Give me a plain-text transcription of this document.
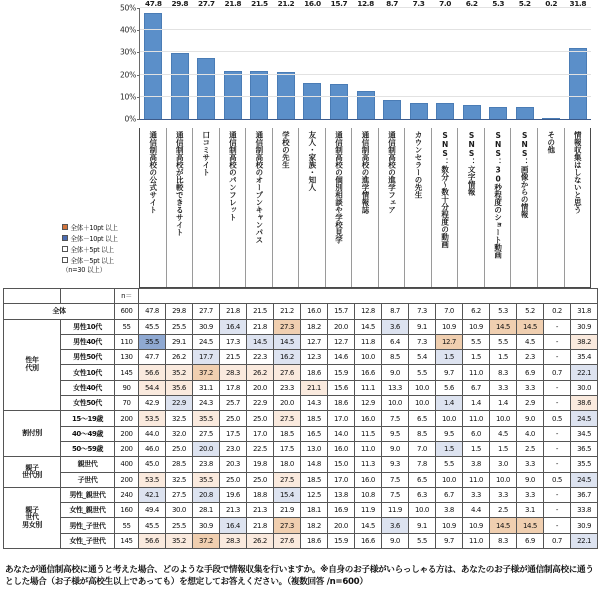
47.8 29.8 27.7 21.8 21.5 21.2 16.0 15.7 12.8 8.7 7.3 7.0 6.2 5.3 5.2 0.2 31.8
0%
10%
20%
30%
40%
50%
通信制高校の公式サイト 通信制高校が比較できるサイト 口コミサイト 通信制高校のパンフレット 通信制高校のオープンキャンパス 学校の先生 友人・家族・知人 通信制高校の個別相談や学校見学 通信制高校の進学情報誌 通信制高校の進学フェア カウンセラーの先生 SNS：数分～数十分程度の動画 SNS：文字情報 SNS：30秒程度のショート動画 SNS：画像からの情報 その他 情報収集はしないと思う
全体＋10pt 以上
全体－10pt 以上
全体＋5pt 以上
全体－5pt 以上
（n=30 以上）
		n＝																	
全体		600	47.8	29.8	27.7	21.8	21.5	21.2	16.0	15.7	12.8	8.7	7.3	7.0	6.2	5.3	5.2	0.2	31.8
性年
代別	男性10代	55	45.5	25.5	30.9	16.4	21.8	27.3	18.2	20.0	14.5	3.6	9.1	10.9	10.9	14.5	14.5	-	30.9
	男性40代	110	35.5	29.1	24.5	17.3	14.5	14.5	12.7	12.7	11.8	6.4	7.3	12.7	5.5	5.5	4.5	-	38.2
	男性50代	130	47.7	26.2	17.7	21.5	22.3	16.2	12.3	14.6	10.0	8.5	5.4	1.5	1.5	1.5	2.3	-	35.4
	女性10代	145	56.6	35.2	37.2	28.3	26.2	27.6	18.6	15.9	16.6	9.0	5.5	9.7	11.0	8.3	6.9	0.7	22.1
	女性40代	90	54.4	35.6	31.1	17.8	20.0	23.3	21.1	15.6	11.1	13.3	10.0	5.6	6.7	3.3	3.3	-	30.0
	女性50代	70	42.9	22.9	24.3	25.7	22.9	20.0	14.3	18.6	12.9	10.0	10.0	1.4	1.4	1.4	2.9	-	38.6
割付別	15～19歳	200	53.5	32.5	35.5	25.0	25.0	27.5	18.5	17.0	16.0	7.5	6.5	10.0	11.0	10.0	9.0	0.5	24.5
	40～49歳	200	44.0	32.0	27.5	17.5	17.0	18.5	16.5	14.0	11.5	9.5	8.5	9.5	6.0	4.5	4.0	-	34.5
	50～59歳	200	46.0	25.0	20.0	23.0	22.5	17.5	13.0	16.0	11.0	9.0	7.0	1.5	1.5	1.5	2.5	-	36.5
親子
世代別	親世代	400	45.0	28.5	23.8	20.3	19.8	18.0	14.8	15.0	11.3	9.3	7.8	5.5	3.8	3.0	3.3	-	35.5
	子世代	200	53.5	32.5	35.5	25.0	25.0	27.5	18.5	17.0	16.0	7.5	6.5	10.0	11.0	10.0	9.0	0.5	24.5
親子
世代
男女別	男性_親世代	240	42.1	27.5	20.8	19.6	18.8	15.4	12.5	13.8	10.8	7.5	6.3	6.7	3.3	3.3	3.3	-	36.7
	女性_親世代	160	49.4	30.0	28.1	21.3	21.3	21.9	18.1	16.9	11.9	11.9	10.0	3.8	4.4	2.5	3.1	-	33.8
	男性_子世代	55	45.5	25.5	30.9	16.4	21.8	27.3	18.2	20.0	14.5	3.6	9.1	10.9	10.9	14.5	14.5	-	30.9
	女性_子世代	145	56.6	35.2	37.2	28.3	26.2	27.6	18.6	15.9	16.6	9.0	5.5	9.7	11.0	8.3	6.9	0.7	22.1
あなたが通信制高校に通うと考えた場合、どのような手段で情報収集を行いますか。※自身のお子様がいらっしゃる方は、あなたのお子様が通信制高校に通うとした場合（お子様が高校生以上であっても）を想定してお答えください。（複数回答 /n=600）
